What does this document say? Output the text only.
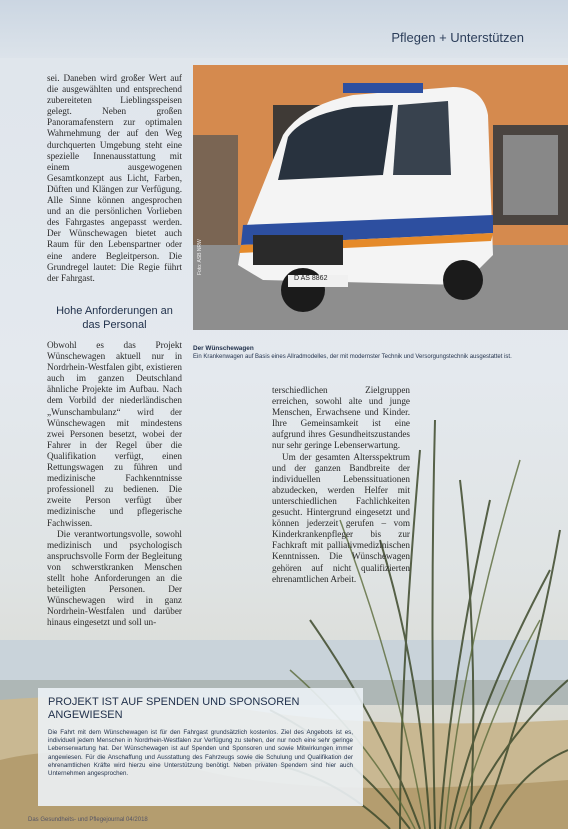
Pflegen + Unterstützen
D AS 8862
Foto: ASB NRW
Der Wünschewagen
Ein Krankenwagen auf Basis eines Allradmodelles, der mit modernster Technik und Versorgungstechnik ausgestattet ist.

sei. Daneben wird großer Wert auf die ausgewählten und entsprechend zubereiteten Lieblingsspeisen gelegt. Neben großen Panoramafenstern zur optimalen Wahrnehmung der auf den Weg durchquerten Umgebung steht eine spezielle Innenausstattung mit einem ausgewogenen Gesamtkonzept aus Licht, Farben, Düften und Klängen zur Verfügung. Alle Sinne können angesprochen und an die persönlichen Vorlieben des Fahrgastes angepasst werden. Der Wünschewagen bietet auch Raum für den Lebenspartner oder eine andere Begleitperson. Die Grundregel lautet: Die Regie führt der Fahrgast.

Hohe Anforderungen an das Personal

Obwohl es das Projekt Wünschewagen aktuell nur in Nordrhein-Westfalen gibt, existieren auch im ganzen Deutschland ähnliche Projekte im Aufbau. Nach dem Vorbild der niederländischen „Wunschambulanz“ wird der Wünschewagen mit mindestens zwei Personen besetzt, wobei der Fahrer in der Regel über die Qualifikation verfügt, einen Rettungswagen zu führen und medizinische Fachkenntnisse professionell zu bedienen. Die zweite Person verfügt über medizinische und pflegerische Fachwissen.

Die verantwortungsvolle, sowohl medizinisch und psychologisch anspruchsvolle Form der Begleitung von schwerstkranken Menschen stellt hohe Anforderungen an die beteiligten Personen. Der Wünschewagen wird in ganz Nordrhein-Westfalen und darüber hinaus eingesetzt und soll un-

terschiedlichen Zielgruppen erreichen, sowohl alte und junge Menschen, Erwachsene und Kinder. Ihre Gemeinsamkeit ist eine aufgrund ihres Gesundheitszustandes nur sehr geringe Lebenserwartung.

Um der gesamten Altersspektrum und der ganzen Bandbreite der individuellen Lebenssituationen abzudecken, werden Helfer mit unterschiedlichen Fachlichkeiten gesucht. Hintergrund eingesetzt und können jederzeit gerufen – vom Kinderkrankenpfleger bis zur Fachkraft mit palliativmedizinischen Kenntnissen. Die Wünschewagen gehören auf nicht qualifizierten ehrenamtlichen Arbeit.

PROJEKT IST AUF SPENDEN UND SPONSOREN ANGEWIESEN

Die Fahrt mit dem Wünschewagen ist für den Fahrgast grundsätzlich kostenlos. Ziel des Angebots ist es, individuell jedem Menschen in Nordrhein-Westfalen zur Verfügung zu stehen, der nur noch eine sehr geringe Lebenserwartung hat. Der Wünschewagen ist auf Spenden und Sponsoren und sowie Mitwirkungen immer angewiesen. Für die Anschaffung und Ausstattung des Fahrzeugs sowie die Schulung und Qualifikation der ehrenamtlichen Kräfte wird hierzu eine Unterstützung benötigt. Neben privaten Spendern sind hier auch Unternehmen angesprochen.

Das Gesundheits- und Pflegejournal 04/2018
